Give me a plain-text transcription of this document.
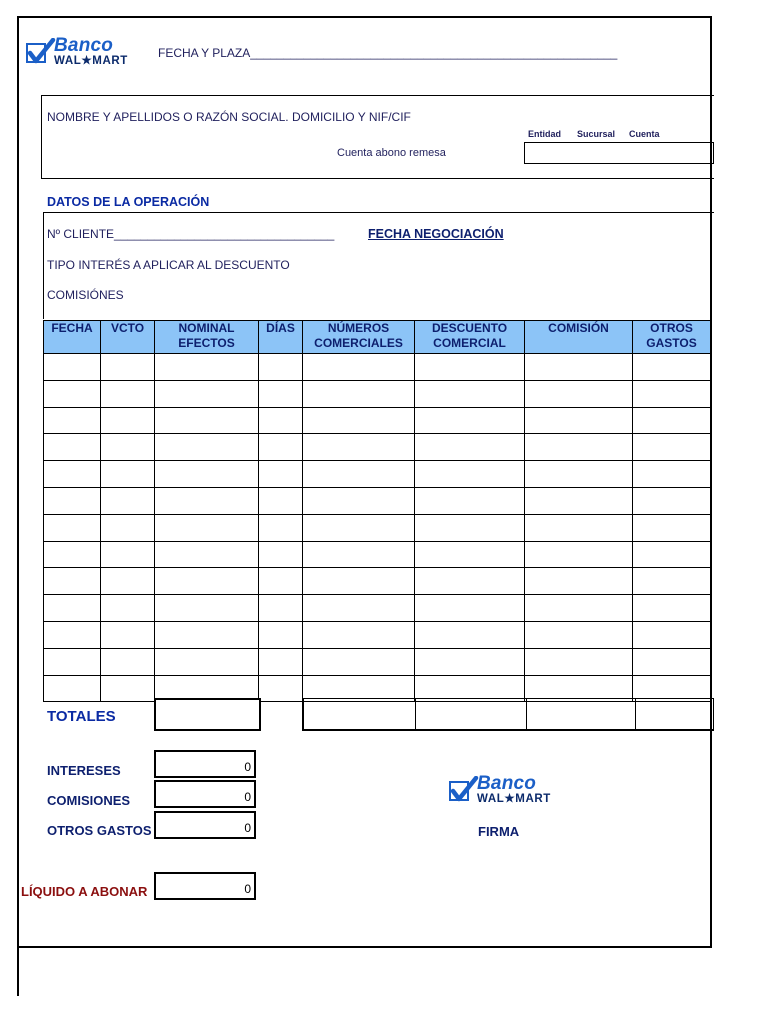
Banco
WAL★MART
FECHA Y PLAZA_______________________________________________________
NOMBRE Y APELLIDOS O RAZÓN SOCIAL. DOMICILIO Y NIF/CIF
Entidad Sucursal Cuenta
Cuenta abono remesa
DATOS DE LA OPERACIÓN
Nº CLIENTE_________________________________	FECHA NEGOCIACIÓN
TIPO INTERÉS A APLICAR AL DESCUENTO
COMISIÓNES
FECHA	VCTO	NOMINAL EFECTOS	DÍAS	NÚMEROS COMERCIALES	DESCUENTO COMERCIAL	COMISIÓN	OTROS GASTOS

TOTALES
INTERESES	0
COMISIONES	0
OTROS GASTOS	0
LÍQUIDO A ABONAR	0
Banco
WAL★MART
FIRMA
